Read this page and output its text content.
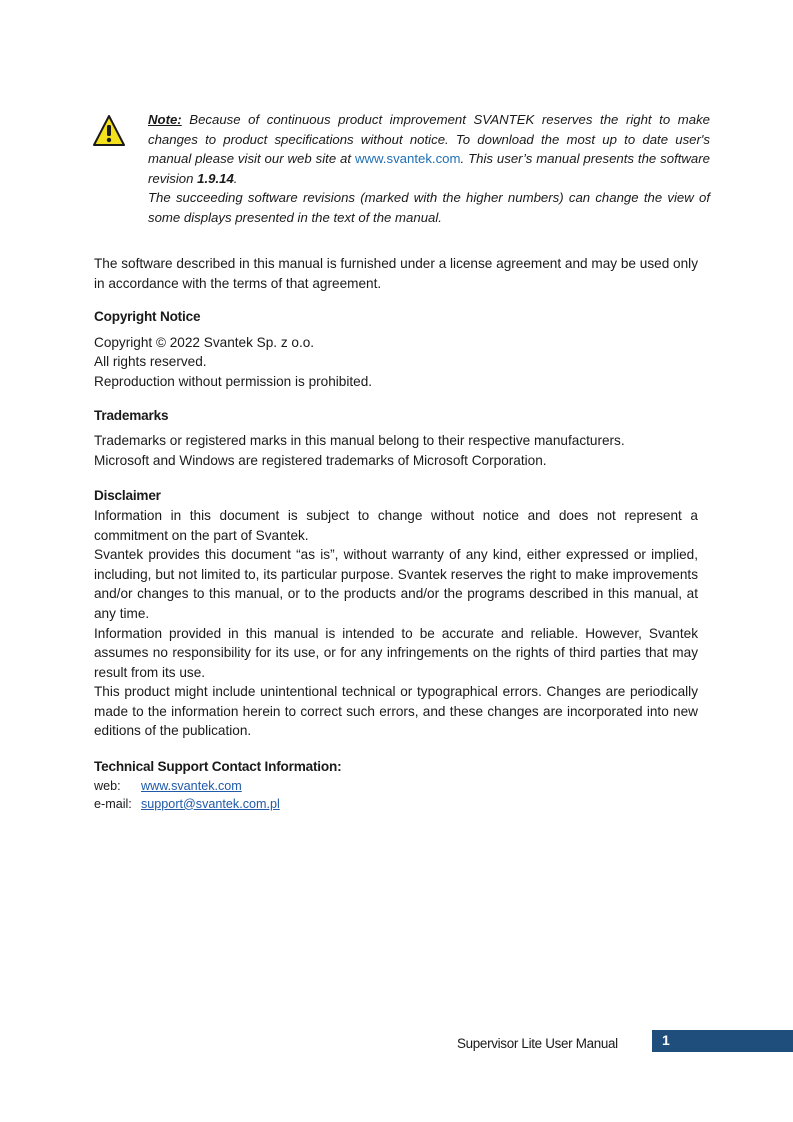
Note: Because of continuous product improvement SVANTEK reserves the right to make changes to product specifications without notice. To download the most up to date user's manual please visit our web site at www.svantek.com. This user’s manual presents the software revision 1.9.14.
The succeeding software revisions (marked with the higher numbers) can change the view of some displays presented in the text of the manual.

The software described in this manual is furnished under a license agreement and may be used only in accordance with the terms of that agreement.

Copyright Notice

Copyright © 2022 Svantek Sp. z o.o.

All rights reserved.

Reproduction without permission is prohibited.

Trademarks

Trademarks or registered marks in this manual belong to their respective manufacturers.

Microsoft and Windows are registered trademarks of Microsoft Corporation.

Disclaimer

Information in this document is subject to change without notice and does not represent a commitment on the part of Svantek.

Svantek provides this document “as is”, without warranty of any kind, either expressed or implied, including, but not limited to, its particular purpose. Svantek reserves the right to make improvements and/or changes to this manual, or to the products and/or the programs described in this manual, at any time.

Information provided in this manual is intended to be accurate and reliable. However, Svantek assumes no responsibility for its use, or for any infringements on the rights of third parties that may result from its use.

This product might include unintentional technical or typographical errors. Changes are periodically made to the information herein to correct such errors, and these changes are incorporated into new editions of the publication.

Technical Support Contact Information:
web: www.svantek.com
e-mail: support@svantek.com.pl
Supervisor Lite User Manual	1
